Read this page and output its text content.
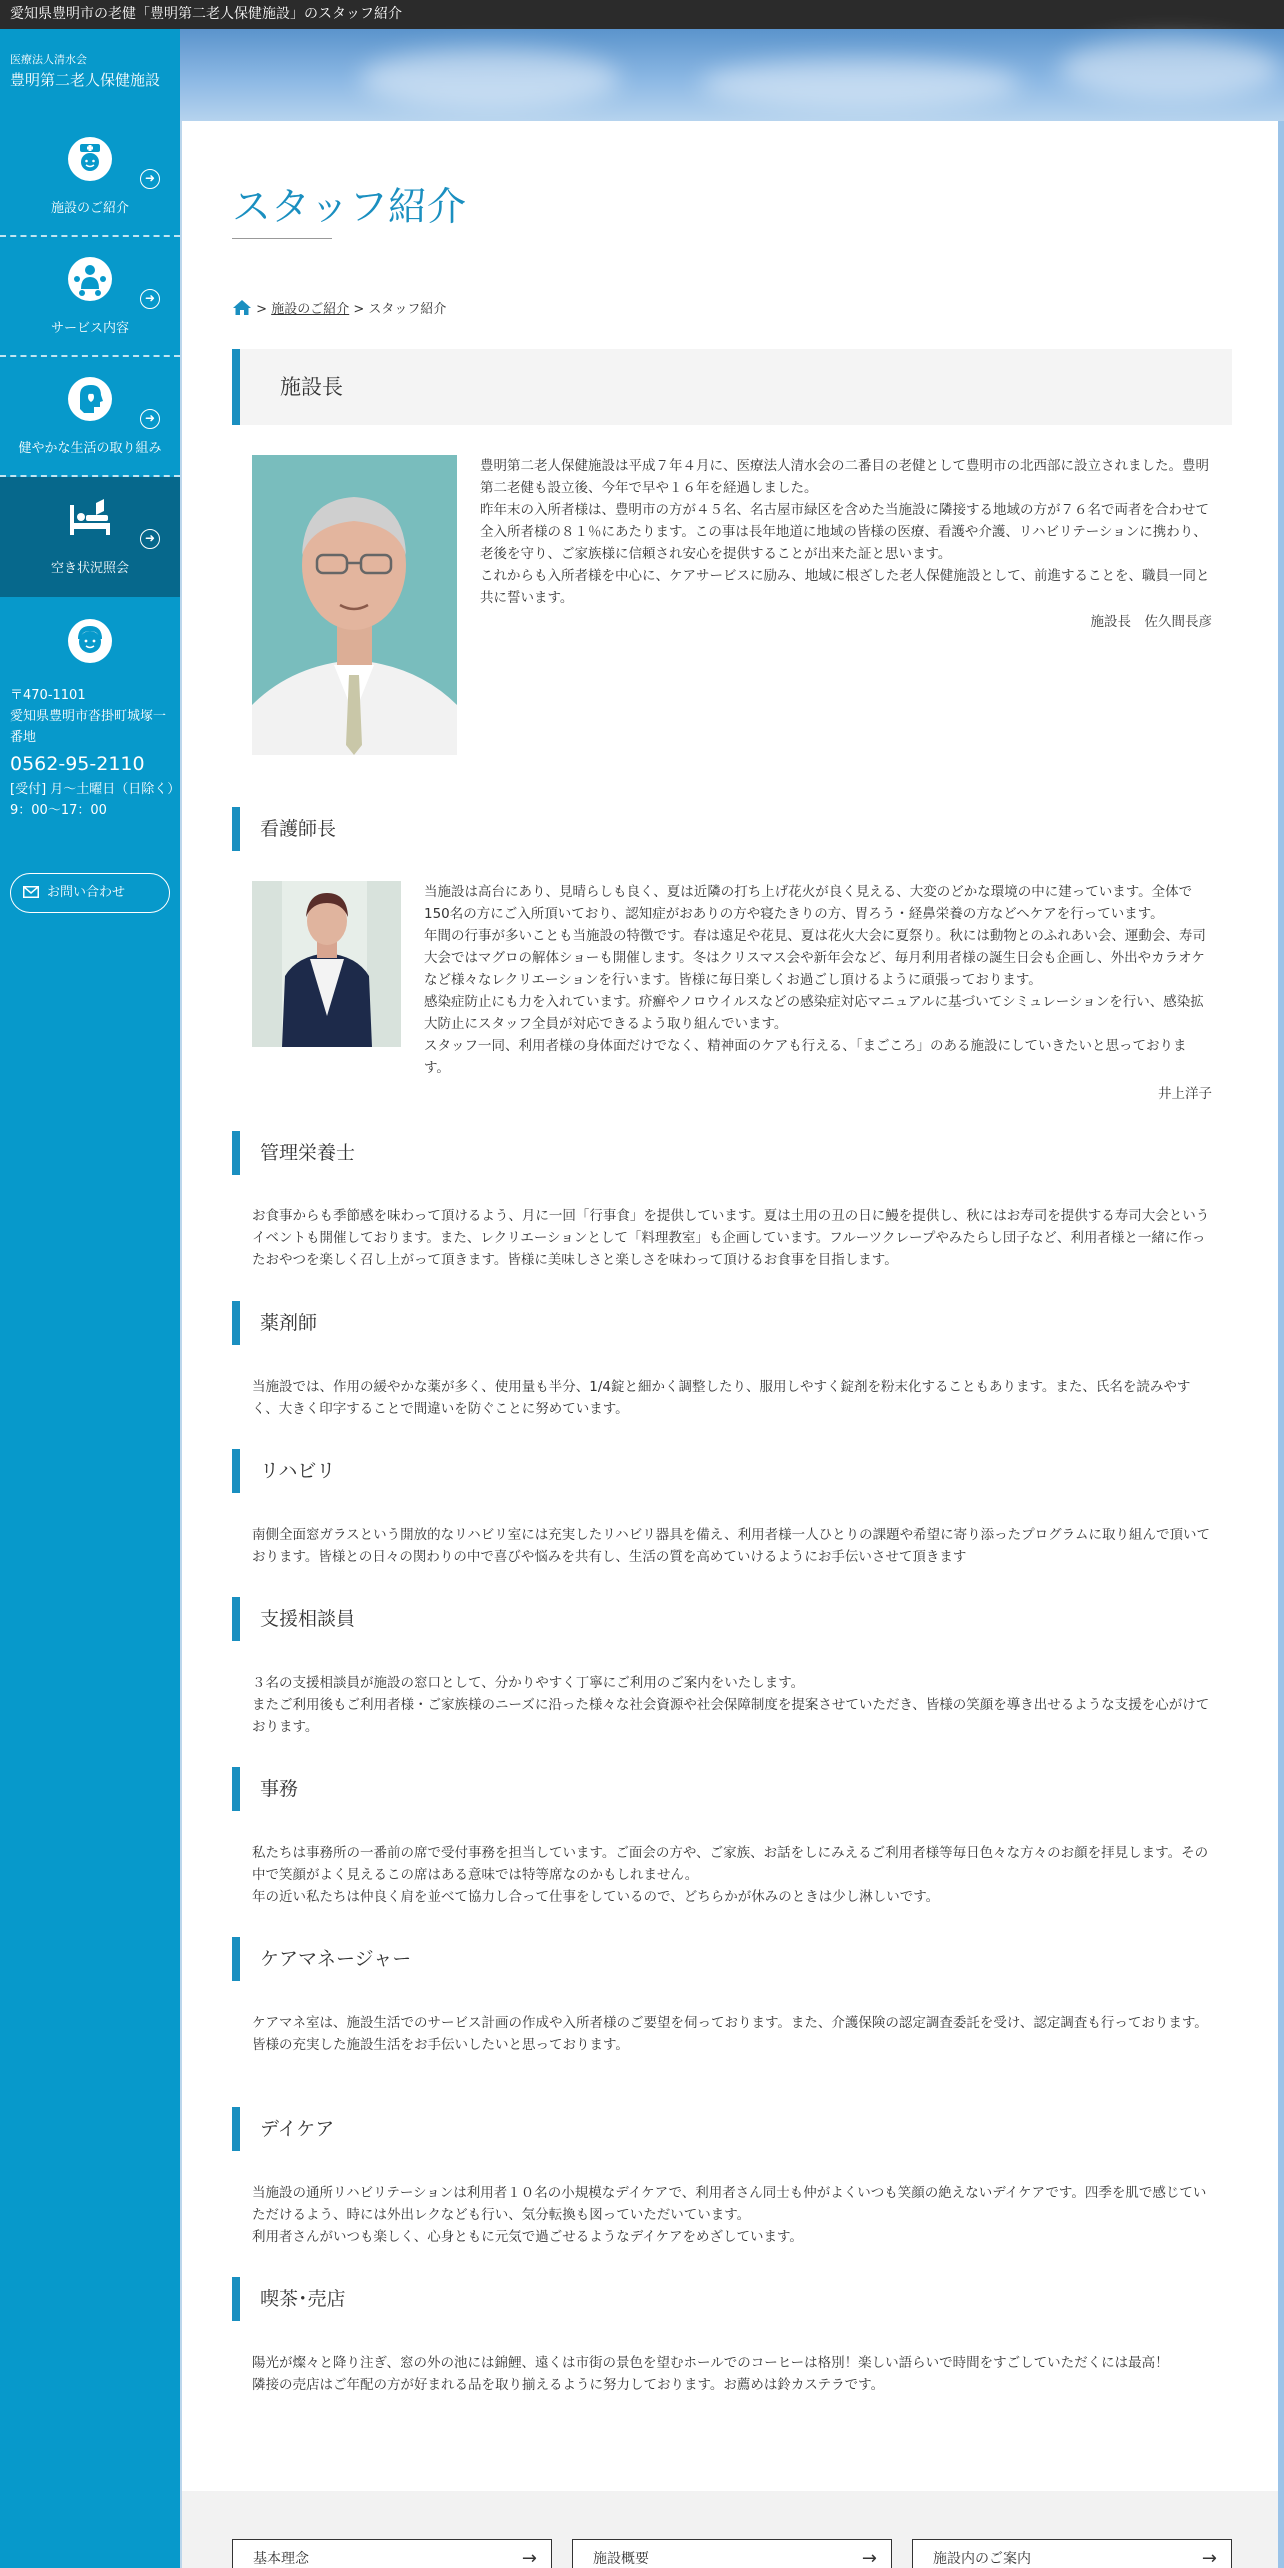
愛知県豊明市の老健「豊明第二老人保健施設」のスタッフ紹介
医療法人清水会
豊明第二老人保健施設
施設のご紹介
➜
サービス内容
➜
健やかな生活の取り組み
➜
空き状況照会
➜
〒470-1101
愛知県豊明市沓掛町城塚一番地
0562-95-2110
[受付] 月～土曜日（日除く）
9：00～17：00
お問い合わせ
スタッフ紹介
> 施設のご紹介 > スタッフ紹介
施設長
豊明第二老人保健施設は平成７年４月に、医療法人清水会の二番目の老健として豊明市の北西部に設立されました。豊明第二老健も設立後、今年で早や１６年を経過しました。
昨年末の入所者様は、豊明市の方が４５名、名古屋市緑区を含めた当施設に隣接する地域の方が７６名で両者を合わせて全入所者様の８１％にあたります。この事は長年地道に地域の皆様の医療、看護や介護、リハビリテーションに携わり、老後を守り、ご家族様に信頼され安心を提供することが出来た証と思います。
これからも入所者様を中心に、ケアサービスに励み、地域に根ざした老人保健施設として、前進することを、職員一同と共に誓います。
施設長　佐久間長彦
看護師長
当施設は高台にあり、見晴らしも良く、夏は近隣の打ち上げ花火が良く見える、大変のどかな環境の中に建っています。全体で150名の方にご入所頂いており、認知症がおありの方や寝たきりの方、胃ろう・経鼻栄養の方などへケアを行っています。
年間の行事が多いことも当施設の特徴です。春は遠足や花見、夏は花火大会に夏祭り。秋には動物とのふれあい会、運動会、寿司大会ではマグロの解体ショーも開催します。冬はクリスマス会や新年会など、毎月利用者様の誕生日会も企画し、外出やカラオケなど様々なレクリエーションを行います。皆様に毎日楽しくお過ごし頂けるように頑張っております。
感染症防止にも力を入れています。疥癬やノロウイルスなどの感染症対応マニュアルに基づいてシミュレーションを行い、感染拡大防止にスタッフ全員が対応できるよう取り組んでいます。
スタッフ一同、利用者様の身体面だけでなく、精神面のケアも行える、「まごころ」のある施設にしていきたいと思っております。
井上洋子
管理栄養士
お食事からも季節感を味わって頂けるよう、月に一回「行事食」を提供しています。夏は土用の丑の日に鰻を提供し、秋にはお寿司を提供する寿司大会というイベントも開催しております。また、レクリエーションとして「料理教室」も企画しています。フルーツクレープやみたらし団子など、利用者様と一緒に作ったおやつを楽しく召し上がって頂きます。皆様に美味しさと楽しさを味わって頂けるお食事を目指します。
薬剤師
当施設では、作用の緩やかな薬が多く、使用量も半分、1/4錠と細かく調整したり、服用しやすく錠剤を粉末化することもあります。また、氏名を読みやすく、大きく印字することで間違いを防ぐことに努めています。
リハビリ
南側全面窓ガラスという開放的なリハビリ室には充実したリハビリ器具を備え、利用者様一人ひとりの課題や希望に寄り添ったプログラムに取り組んで頂いております。皆様との日々の関わりの中で喜びや悩みを共有し、生活の質を高めていけるようにお手伝いさせて頂きます
支援相談員
３名の支援相談員が施設の窓口として、分かりやすく丁寧にご利用のご案内をいたします。
またご利用後もご利用者様・ご家族様のニーズに沿った様々な社会資源や社会保障制度を提案させていただき、皆様の笑顔を導き出せるような支援を心がけております。
事務
私たちは事務所の一番前の席で受付事務を担当しています。ご面会の方や、ご家族、お話をしにみえるご利用者様等毎日色々な方々のお顔を拝見します。その中で笑顔がよく見えるこの席はある意味では特等席なのかもしれません。
年の近い私たちは仲良く肩を並べて協力し合って仕事をしているので、どちらかが休みのときは少し淋しいです。
ケアマネージャー
ケアマネ室は、施設生活でのサービス計画の作成や入所者様のご要望を伺っております。また、介護保険の認定調査委託を受け、認定調査も行っております。
皆様の充実した施設生活をお手伝いしたいと思っております。
デイケア
当施設の通所リハビリテーションは利用者１０名の小規模なデイケアで、利用者さん同士も仲がよくいつも笑顔の絶えないデイケアです。四季を肌で感じていただけるよう、時には外出レクなども行い、気分転換も図っていただいています。
利用者さんがいつも楽しく、心身ともに元気で過ごせるようなデイケアをめざしています。
喫茶･売店
陽光が燦々と降り注ぎ、窓の外の池には錦鯉、遠くは市街の景色を望むホールでのコーヒーは格別！楽しい語らいで時間をすごしていただくには最高！
隣接の売店はご年配の方が好まれる品を取り揃えるように努力しております。お薦めは鈴カステラです。
基本理念	→	施設概要	→	施設内のご案内	→
